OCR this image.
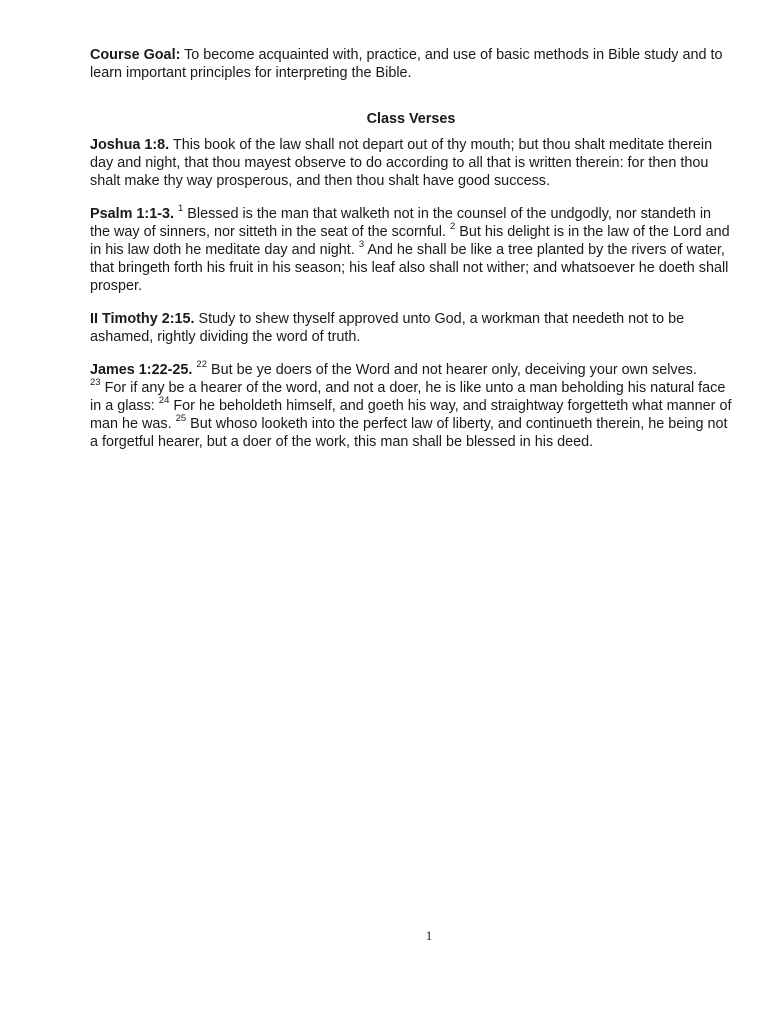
Course Goal: To become acquainted with, practice, and use of basic methods in Bible study and to learn important principles for interpreting the Bible.

Class Verses

Joshua 1:8. This book of the law shall not depart out of thy mouth; but thou shalt meditate therein day and night, that thou mayest observe to do according to all that is written therein: for then thou shalt make thy way prosperous, and then thou shalt have good success.

Psalm 1:1-3. $^1$ Blessed is the man that walketh not in the counsel of the undgodly, nor standeth in the way of sinners, nor sitteth in the seat of the scornful. $^2$ But his delight is in the law of the Lord and in his law doth he meditate day and night. $^3$ And he shall be like a tree planted by the rivers of water, that bringeth forth his fruit in his season; his leaf also shall not wither; and whatsoever he doeth shall prosper.

II Timothy 2:15. Study to shew thyself approved unto God, a workman that needeth not to be ashamed, rightly dividing the word of truth.

James 1:22-25. $^{22}$ But be ye doers of the Word and not hearer only, deceiving your own selves.
$^{23}$ For if any be a hearer of the word, and not a doer, he is like unto a man beholding his natural face in a glass: $^{24}$ For he beholdeth himself, and goeth his way, and straightway forgetteth what manner of man he was. $^{25}$ But whoso looketh into the perfect law of liberty, and continueth therein, he being not a forgetful hearer, but a doer of the work, this man shall be blessed in his deed.

1
